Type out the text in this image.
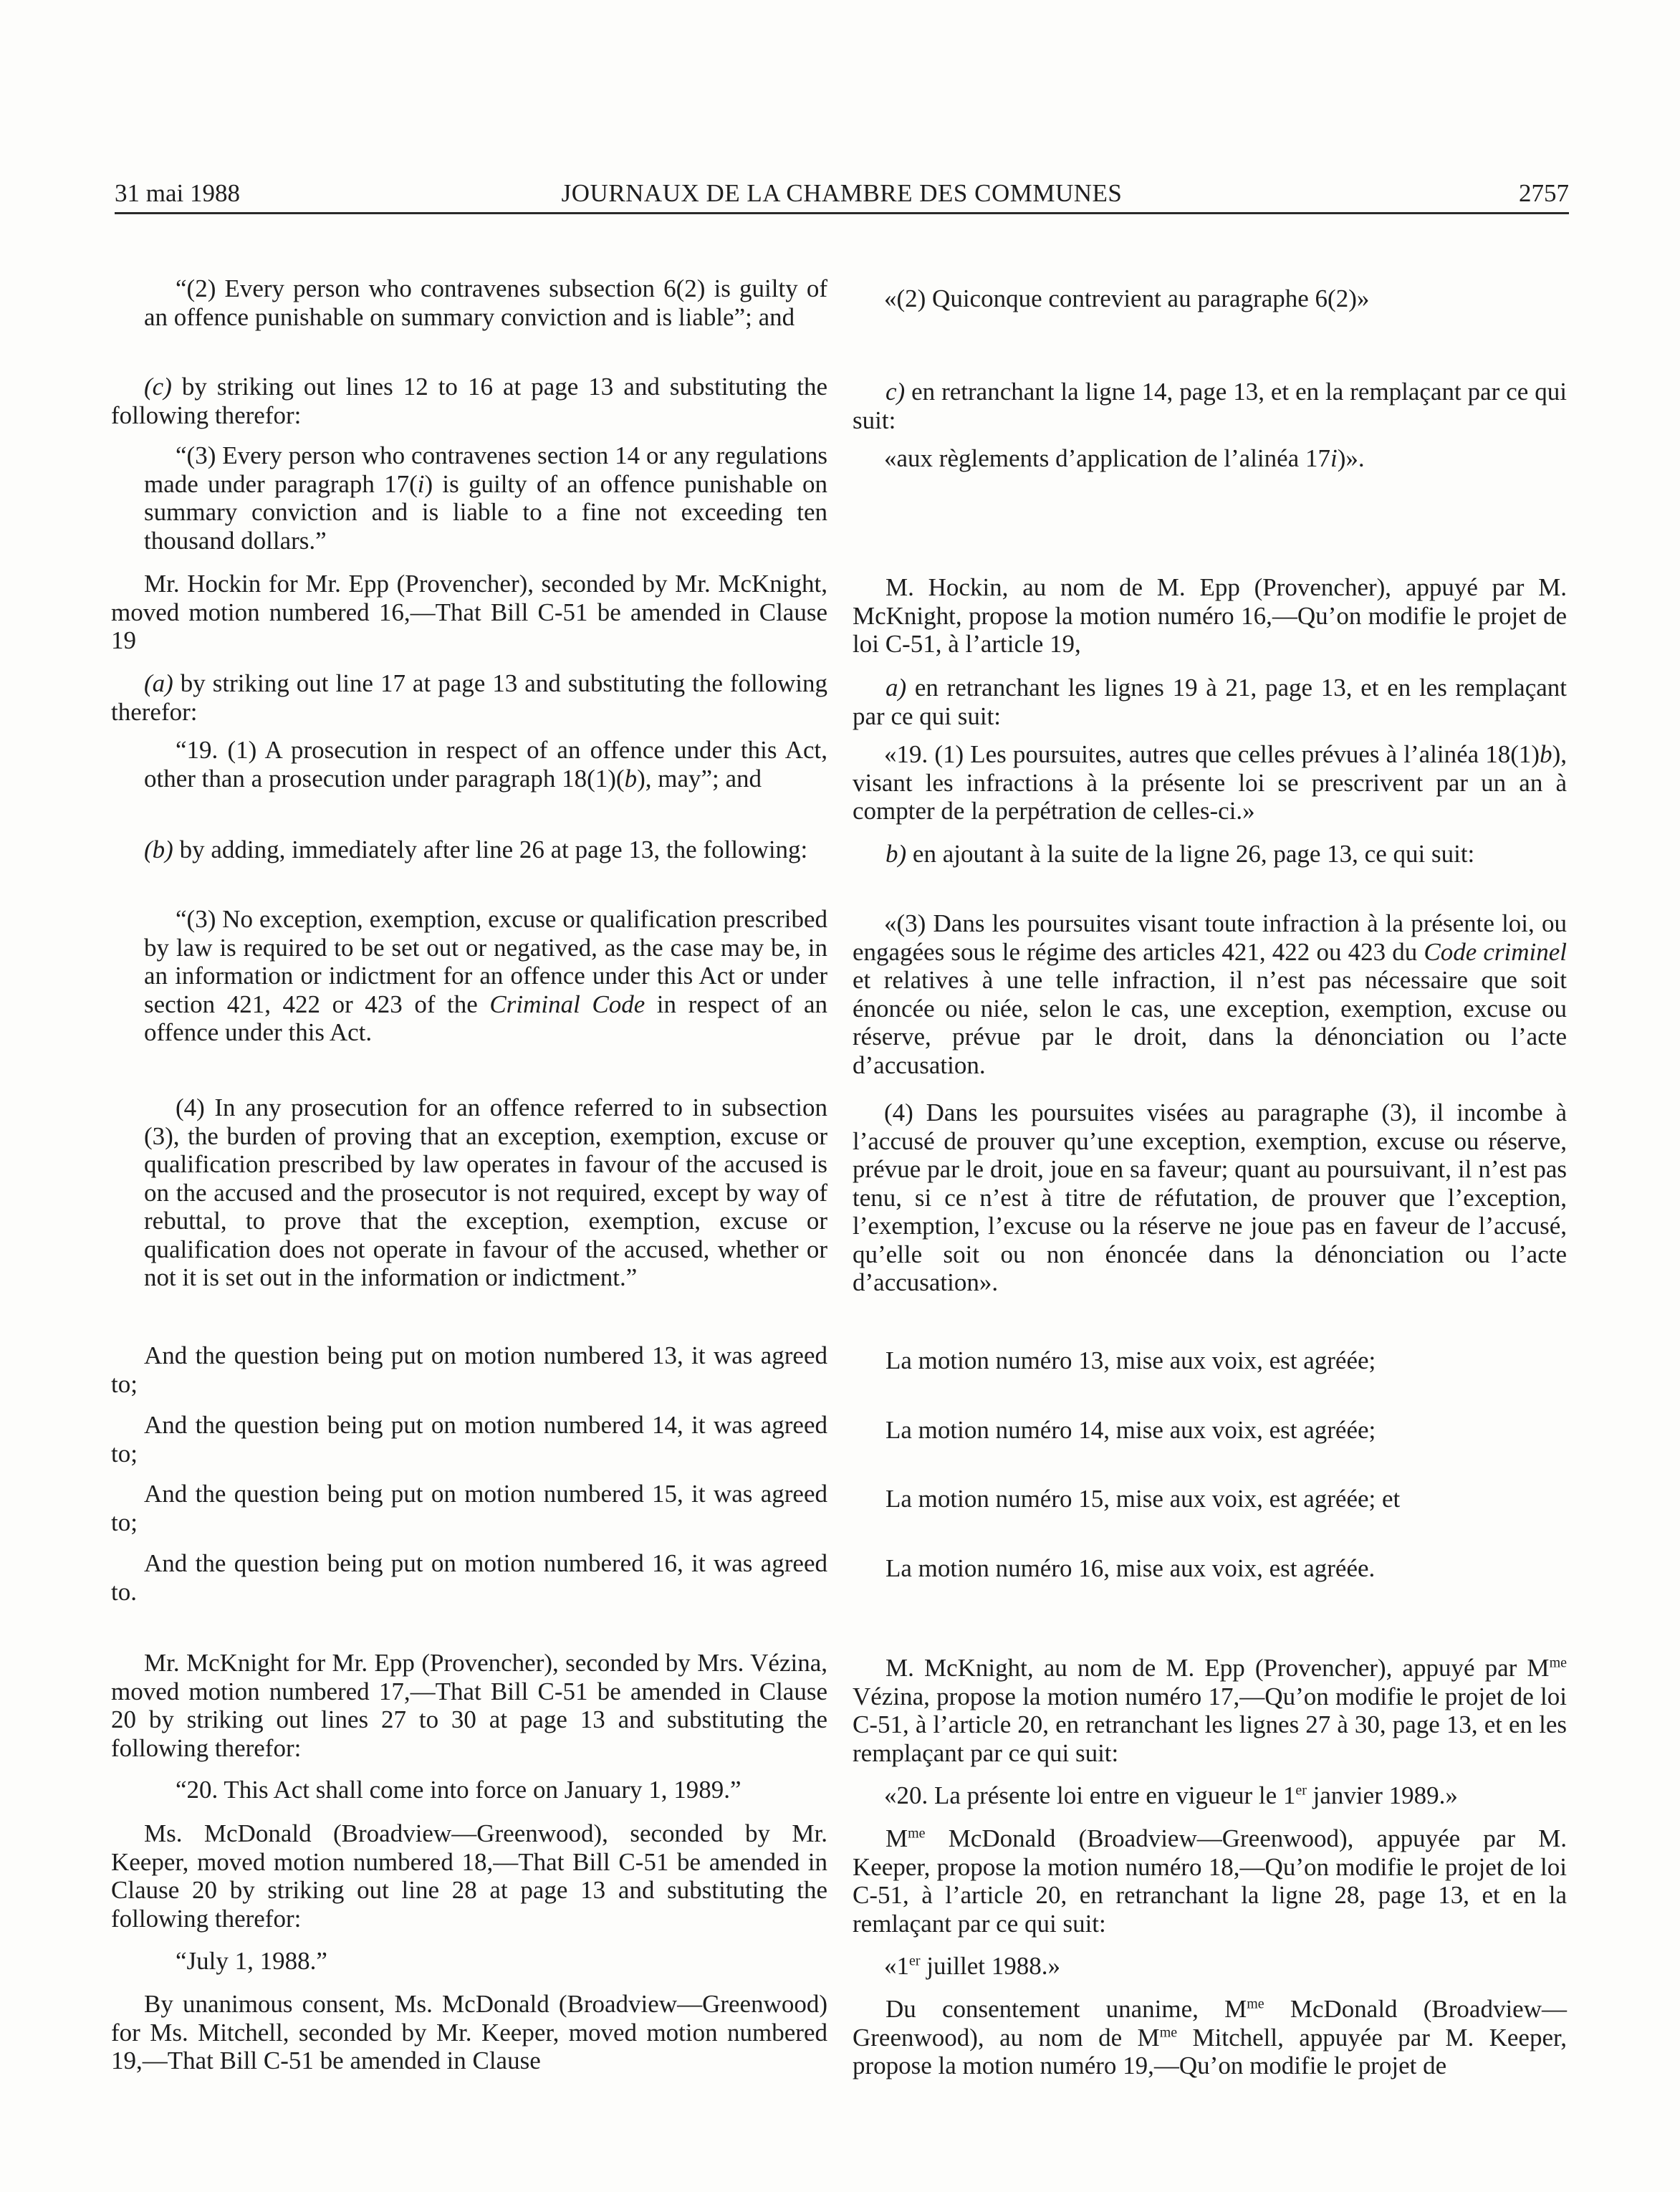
31 mai 1988	JOURNAUX DE LA CHAMBRE DES COMMUNES	2757

“(2) Every person who contravenes subsection 6(2) is guilty of an offence punishable on summary conviction and is liable”; and

(c) by striking out lines 12 to 16 at page 13 and substituting the following therefor:

“(3) Every person who contravenes section 14 or any regulations made under paragraph 17(i) is guilty of an offence punishable on summary conviction and is liable to a fine not exceeding ten thousand dollars.”

Mr. Hockin for Mr. Epp (Provencher), seconded by Mr. McKnight, moved motion numbered 16,—That Bill C-51 be amended in Clause 19

(a) by striking out line 17 at page 13 and substituting the following therefor:

“19. (1) A prosecution in respect of an offence under this Act, other than a prosecution under paragraph 18(1)(b), may”; and

(b) by adding, immediately after line 26 at page 13, the following:

“(3) No exception, exemption, excuse or qualification prescribed by law is required to be set out or negatived, as the case may be, in an information or indictment for an offence under this Act or under section 421, 422 or 423 of the Criminal Code in respect of an offence under this Act.

(4) In any prosecution for an offence referred to in subsection (3), the burden of proving that an exception, exemption, excuse or qualification prescribed by law operates in favour of the accused is on the accused and the prosecutor is not required, except by way of rebuttal, to prove that the exception, exemption, excuse or qualification does not operate in favour of the accused, whether or not it is set out in the information or indictment.”

And the question being put on motion numbered 13, it was agreed to;

And the question being put on motion numbered 14, it was agreed to;

And the question being put on motion numbered 15, it was agreed to;

And the question being put on motion numbered 16, it was agreed to.

Mr. McKnight for Mr. Epp (Provencher), seconded by Mrs. Vézina, moved motion numbered 17,—That Bill C-51 be amended in Clause 20 by striking out lines 27 to 30 at page 13 and substituting the following therefor:

“20. This Act shall come into force on January 1, 1989.”

Ms. McDonald (Broadview—Greenwood), seconded by Mr. Keeper, moved motion numbered 18,—That Bill C-51 be amended in Clause 20 by striking out line 28 at page 13 and substituting the following therefor:

“July 1, 1988.”

By unanimous consent, Ms. McDonald (Broadview—Greenwood) for Ms. Mitchell, seconded by Mr. Keeper, moved motion numbered 19,—That Bill C-51 be amended in Clause

«(2) Quiconque contrevient au paragraphe 6(2)»

c) en retranchant la ligne 14, page 13, et en la remplaçant par ce qui suit:

«aux règlements d’application de l’alinéa 17i)».

M. Hockin, au nom de M. Epp (Provencher), appuyé par M. McKnight, propose la motion numéro 16,—Qu’on modifie le projet de loi C-51, à l’article 19,

a) en retranchant les lignes 19 à 21, page 13, et en les remplaçant par ce qui suit:

«19. (1) Les poursuites, autres que celles prévues à l’alinéa 18(1)b), visant les infractions à la présente loi se prescrivent par un an à compter de la perpétration de celles-ci.»

b) en ajoutant à la suite de la ligne 26, page 13, ce qui suit:

«(3) Dans les poursuites visant toute infraction à la présente loi, ou engagées sous le régime des articles 421, 422 ou 423 du Code criminel et relatives à une telle infraction, il n’est pas nécessaire que soit énoncée ou niée, selon le cas, une exception, exemption, excuse ou réserve, prévue par le droit, dans la dénonciation ou l’acte d’accusation.

(4) Dans les poursuites visées au paragraphe (3), il incombe à l’accusé de prouver qu’une exception, exemption, excuse ou réserve, prévue par le droit, joue en sa faveur; quant au poursuivant, il n’est pas tenu, si ce n’est à titre de réfutation, de prouver que l’exception, l’exemption, l’excuse ou la réserve ne joue pas en faveur de l’accusé, qu’elle soit ou non énoncée dans la dénonciation ou l’acte d’accusation».

La motion numéro 13, mise aux voix, est agréée;

La motion numéro 14, mise aux voix, est agréée;

La motion numéro 15, mise aux voix, est agréée; et

La motion numéro 16, mise aux voix, est agréée.

M. McKnight, au nom de M. Epp (Provencher), appuyé par $M^{me}$ Vézina, propose la motion numéro 17,—Qu’on modifie le projet de loi C-51, à l’article 20, en retranchant les lignes 27 à 30, page 13, et en les remplaçant par ce qui suit:

«20. La présente loi entre en vigueur le 1er janvier 1989.»

$M^{me}$ McDonald (Broadview—Greenwood), appuyée par M. Keeper, propose la motion numéro 18,—Qu’on modifie le projet de loi C-51, à l’article 20, en retranchant la ligne 28, page 13, et en la remlaçant par ce qui suit:

«1er juillet 1988.»

Du consentement unanime, $M^{me}$ McDonald (Broadview—Greenwood), au nom de $M^{me}$ Mitchell, appuyée par M. Keeper, propose la motion numéro 19,—Qu’on modifie le projet de
